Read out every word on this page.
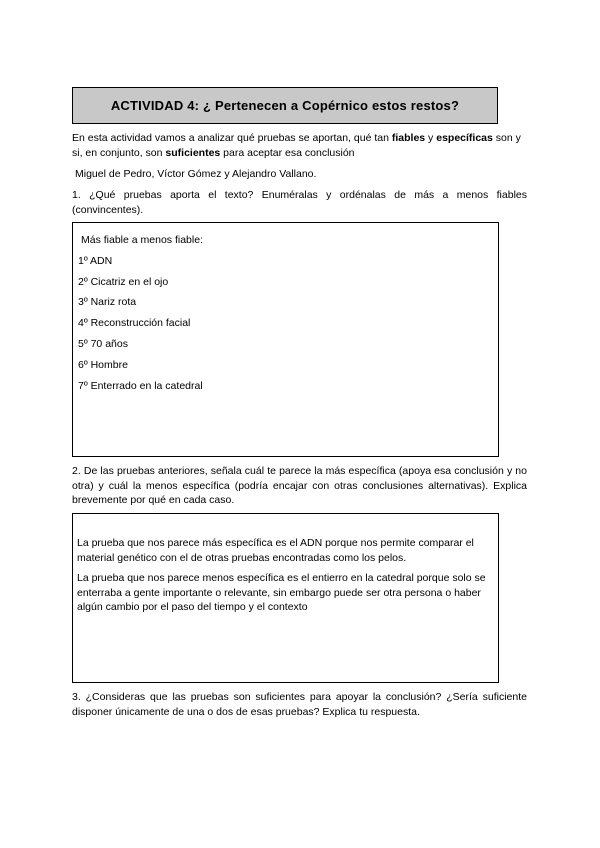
ACTIVIDAD 4: ¿ Pertenecen a Copérnico estos restos?
En esta actividad vamos a analizar qué pruebas se aportan, qué tan fiables y específicas son y si, en conjunto, son suficientes para aceptar esa conclusión
Miguel de Pedro, Víctor Gómez y Alejandro Vallano.
1. ¿Qué pruebas aporta el texto? Enuméralas y ordénalas de más a menos fiables (convincentes).
Más fiable a menos fiable:
1º ADN
2º Cicatriz en el ojo
3º Nariz rota
4º Reconstrucción facial
5º 70 años
6º Hombre
7º Enterrado en la catedral
2. De las pruebas anteriores, señala cuál te parece la más específica (apoya esa conclusión y no otra) y cuál la menos específica (podría encajar con otras conclusiones alternativas). Explica brevemente por qué en cada caso.

La prueba que nos parece más específica es el ADN porque nos permite comparar el material genético con el de otras pruebas encontradas como los pelos.

La prueba que nos parece menos específica es el entierro en la catedral porque solo se enterraba a gente importante o relevante, sin embargo puede ser otra persona o haber algún cambio por el paso del tiempo y el contexto

3. ¿Consideras que las pruebas son suficientes para apoyar la conclusión? ¿Sería suficiente disponer únicamente de una o dos de esas pruebas? Explica tu respuesta.
